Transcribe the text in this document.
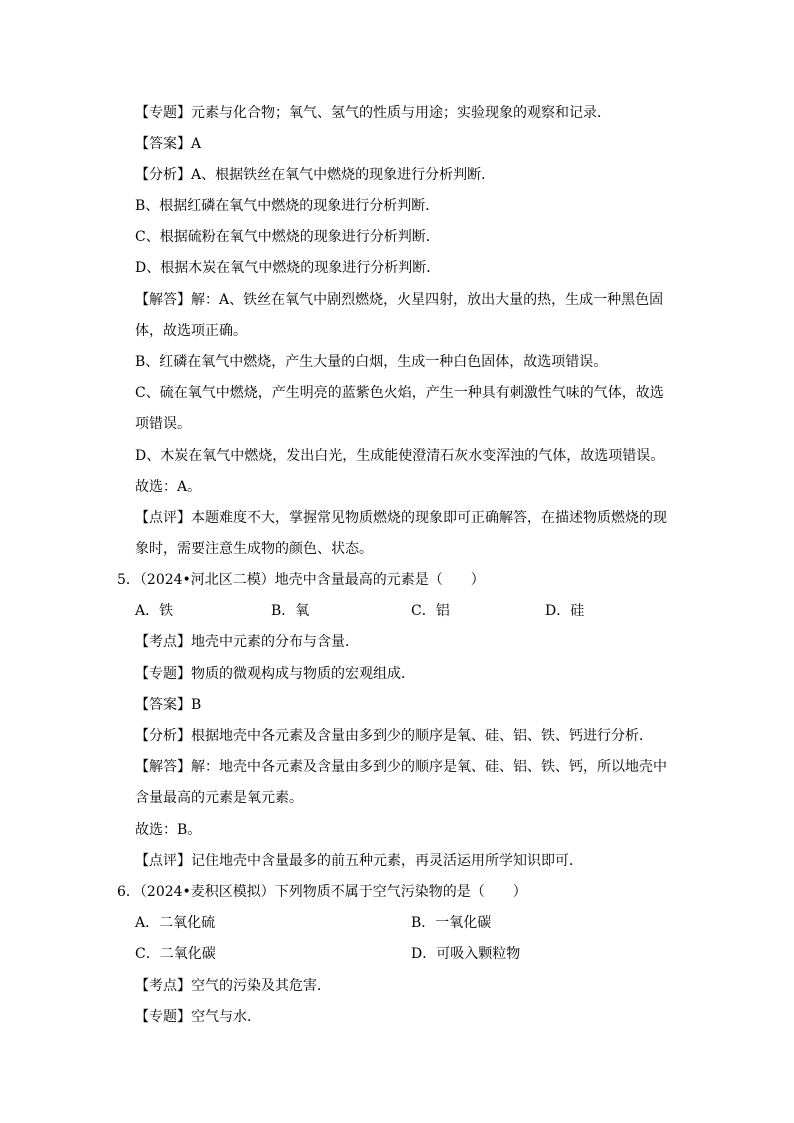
【专题】元素与化合物；氧气、氢气的性质与用途；实验现象的观察和记录．
【答案】A
【分析】A、根据铁丝在氧气中燃烧的现象进行分析判断．
B、根据红磷在氧气中燃烧的现象进行分析判断．
C、根据硫粉在氧气中燃烧的现象进行分析判断．
D、根据木炭在氧气中燃烧的现象进行分析判断．
【解答】解：A、铁丝在氧气中剧烈燃烧，火星四射，放出大量的热，生成一种黑色固
体，故选项正确。
B、红磷在氧气中燃烧，产生大量的白烟，生成一种白色固体，故选项错误。
C、硫在氧气中燃烧，产生明亮的蓝紫色火焰，产生一种具有刺激性气味的气体，故选
项错误。
D、木炭在氧气中燃烧，发出白光，生成能使澄清石灰水变浑浊的气体，故选项错误。
故选：A。
【点评】本题难度不大，掌握常见物质燃烧的现象即可正确解答，在描述物质燃烧的现
象时，需要注意生成物的颜色、状态。
5．（2024•河北区二模）地壳中含量最高的元素是（　　）
A．铁	B．氧	C．铝	D．硅
【考点】地壳中元素的分布与含量．
【专题】物质的微观构成与物质的宏观组成．
【答案】B
【分析】根据地壳中各元素及含量由多到少的顺序是氧、硅、铝、铁、钙进行分析．
【解答】解：地壳中各元素及含量由多到少的顺序是氧、硅、铝、铁、钙，所以地壳中
含量最高的元素是氧元素。
故选：B。
【点评】记住地壳中含量最多的前五种元素，再灵活运用所学知识即可．
6．（2024•麦积区模拟）下列物质不属于空气污染物的是（　　）
A．二氧化硫	B．一氧化碳
C．二氧化碳	D．可吸入颗粒物
【考点】空气的污染及其危害．
【专题】空气与水．
